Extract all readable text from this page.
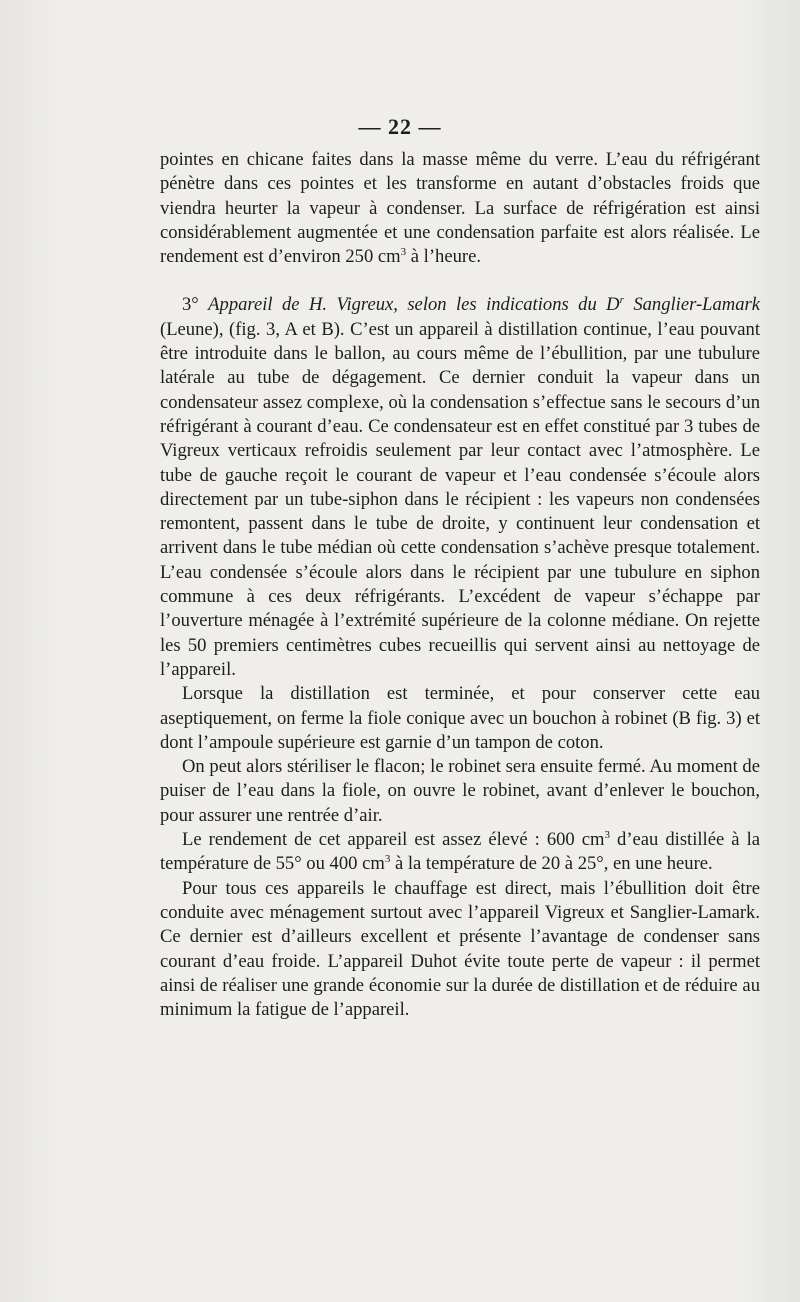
— 22 —

pointes en chicane faites dans la masse même du verre. L’eau du réfrigérant pénètre dans ces pointes et les transforme en autant d’obstacles froids que viendra heurter la vapeur à condenser. La surface de réfrigération est ainsi considérablement augmentée et une condensation parfaite est alors réalisée. Le rendement est d’environ 250 $cm^3$ à l’heure.

3° Appareil de H. Vigreux, selon les indications du $D^r$ Sanglier-Lamark (Leune), (fig. 3, A et B). C’est un appareil à distillation continue, l’eau pouvant être introduite dans le ballon, au cours même de l’ébullition, par une tubulure latérale au tube de dégagement. Ce dernier conduit la vapeur dans un condensateur assez complexe, où la condensation s’effectue sans le secours d’un réfrigérant à courant d’eau. Ce condensateur est en effet constitué par 3 tubes de Vigreux verticaux refroidis seulement par leur contact avec l’atmosphère. Le tube de gauche reçoit le courant de vapeur et l’eau condensée s’écoule alors directement par un tube-siphon dans le récipient : les vapeurs non condensées remontent, passent dans le tube de droite, y continuent leur condensation et arrivent dans le tube médian où cette condensation s’achève presque totalement. L’eau condensée s’écoule alors dans le récipient par une tubulure en siphon commune à ces deux réfrigérants. L’excédent de vapeur s’échappe par l’ouverture ménagée à l’extrémité supérieure de la colonne médiane. On rejette les 50 premiers centimètres cubes recueillis qui servent ainsi au nettoyage de l’appareil.

Lorsque la distillation est terminée, et pour conserver cette eau aseptiquement, on ferme la fiole conique avec un bouchon à robinet (B fig. 3) et dont l’ampoule supérieure est garnie d’un tampon de coton.

On peut alors stériliser le flacon; le robinet sera ensuite fermé. Au moment de puiser de l’eau dans la fiole, on ouvre le robinet, avant d’enlever le bouchon, pour assurer une rentrée d’air.

Le rendement de cet appareil est assez élevé : 600 $cm^3$ d’eau distillée à la température de 55° ou 400 $cm^3$ à la température de 20 à 25°, en une heure.

Pour tous ces appareils le chauffage est direct, mais l’ébullition doit être conduite avec ménagement surtout avec l’appareil Vigreux et Sanglier-Lamark. Ce dernier est d’ailleurs excellent et présente l’avantage de condenser sans courant d’eau froide. L’appareil Duhot évite toute perte de vapeur : il permet ainsi de réaliser une grande économie sur la durée de distillation et de réduire au minimum la fatigue de l’appareil.
